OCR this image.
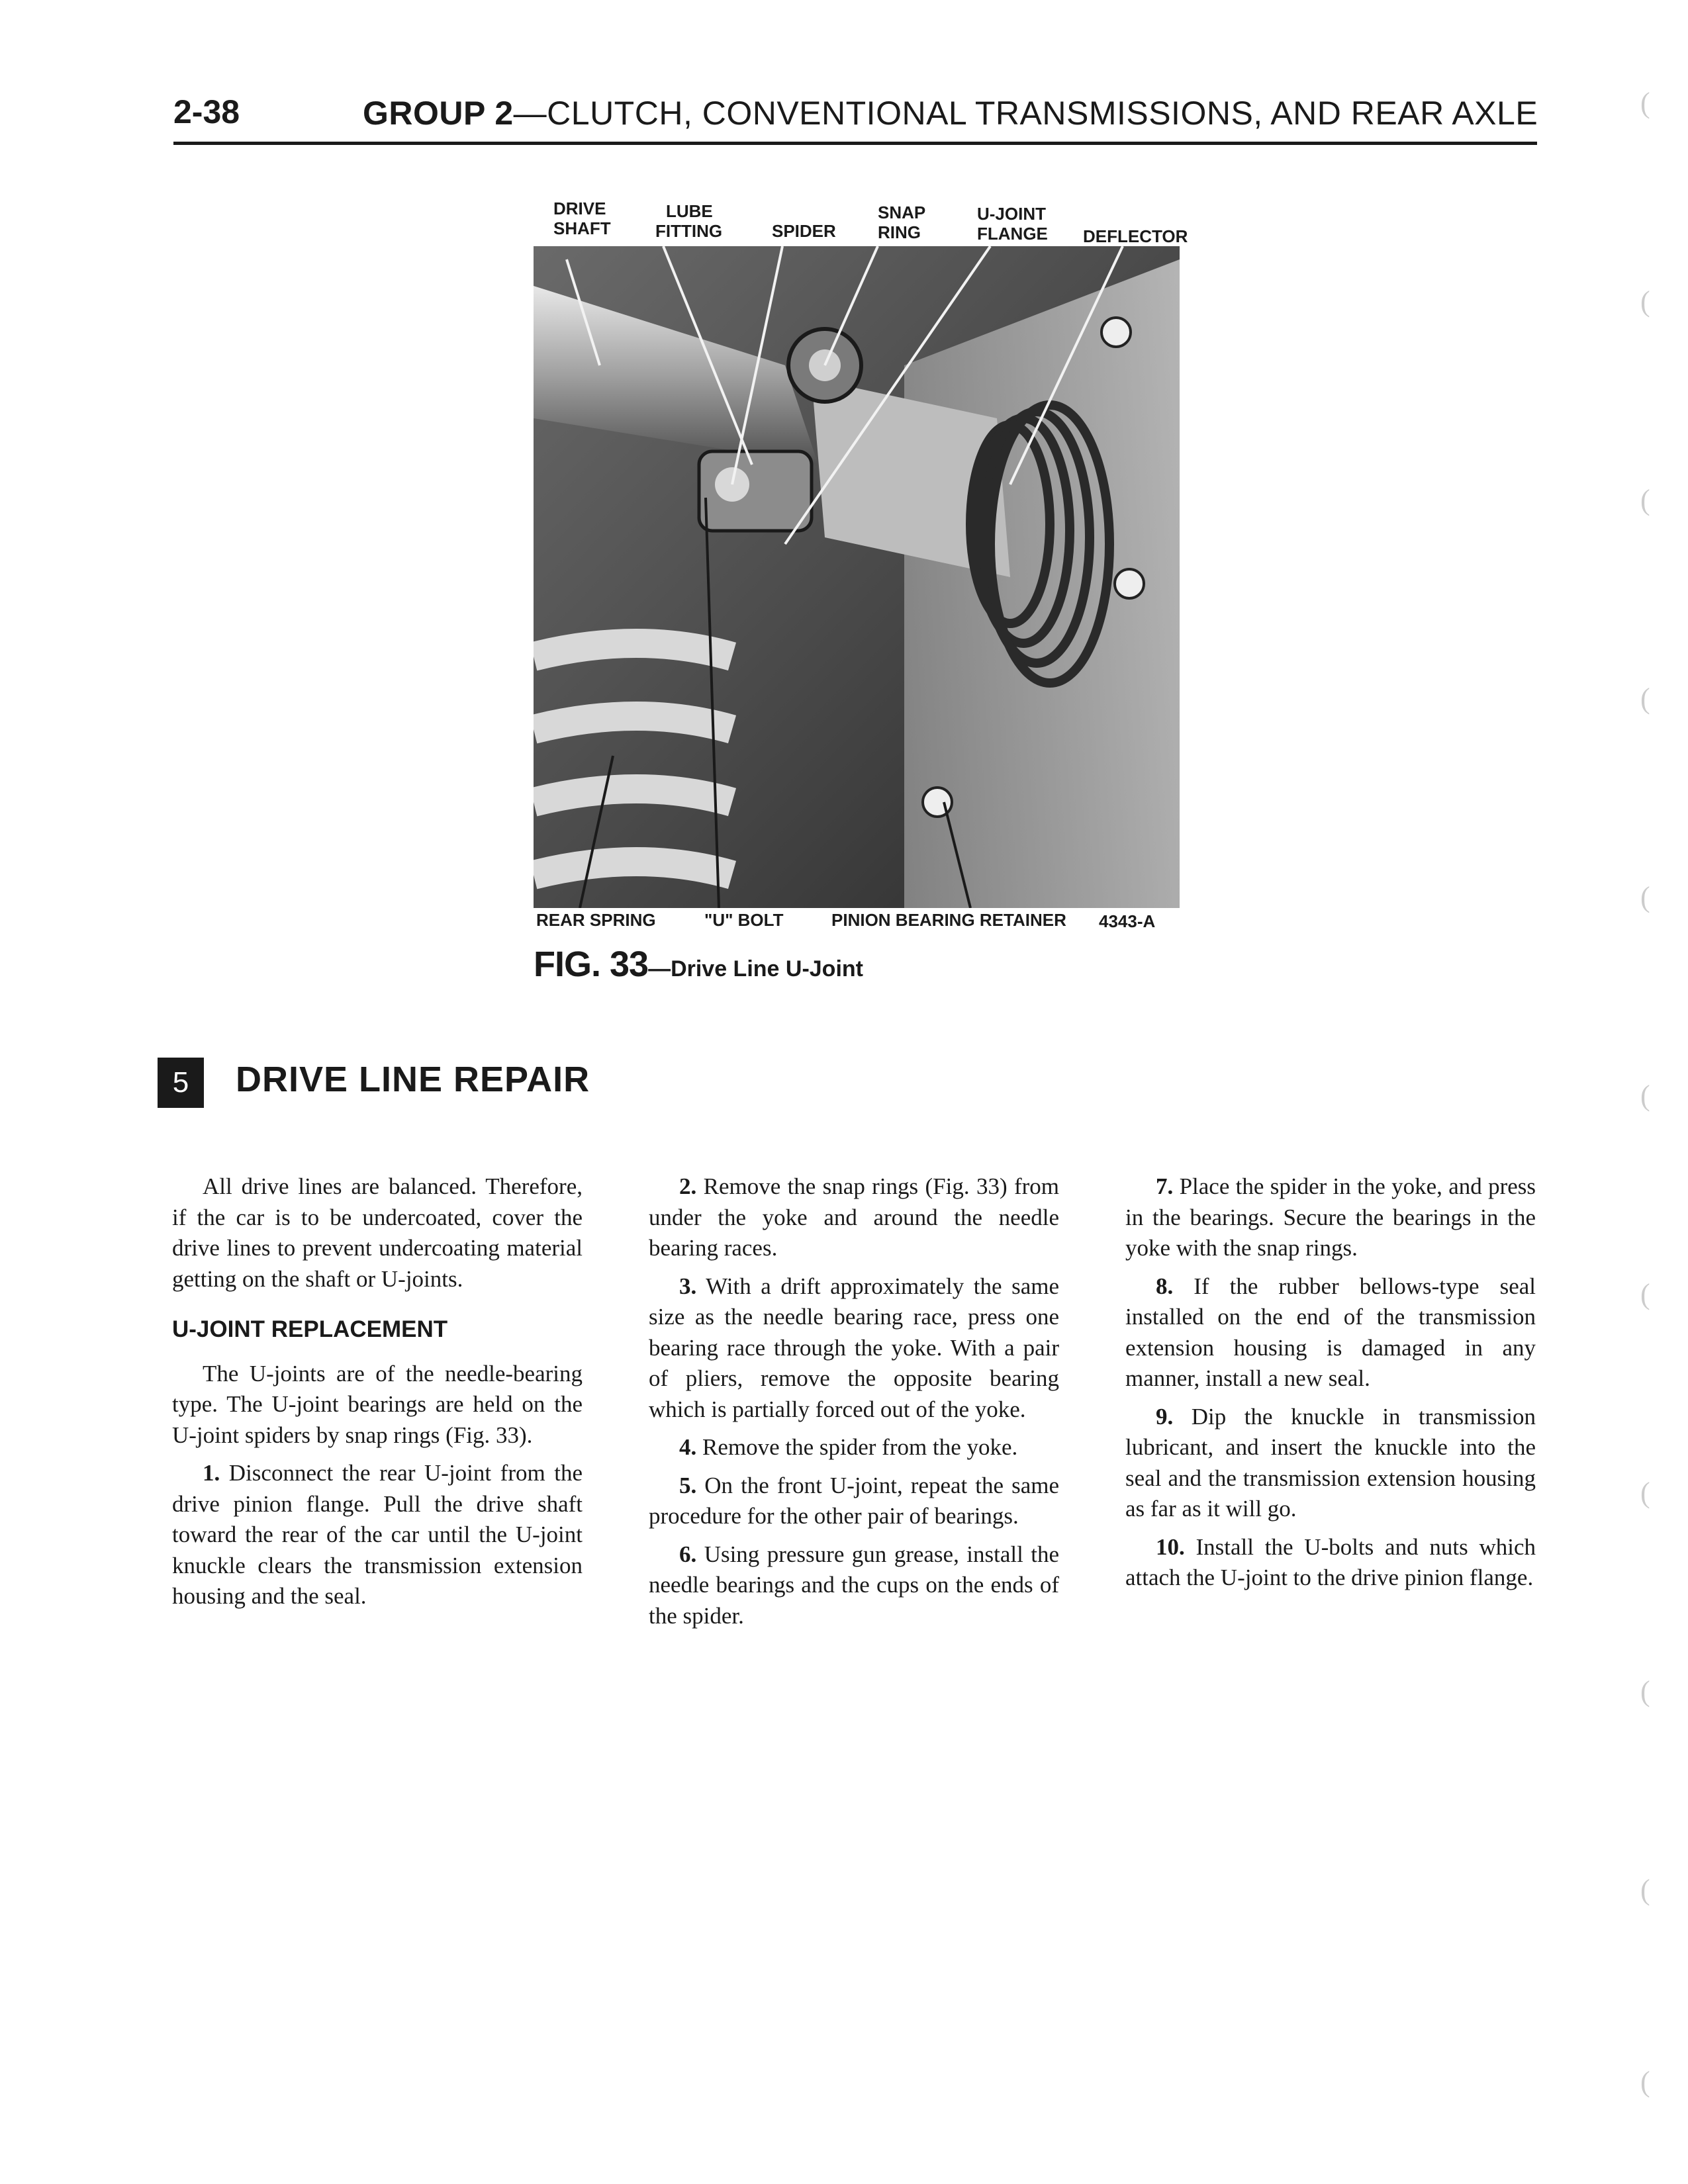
2-38	GROUP 2—CLUTCH, CONVENTIONAL TRANSMISSIONS, AND REAR AXLE
DRIVE
SHAFT
LUBE
FITTING	SPIDER
SNAP
RING
U-JOINT
FLANGE DEFLECTOR
REAR SPRING	"U" BOLT	PINION BEARING RETAINER 4343-A
FIG. 33—Drive Line U-Joint
5	DRIVE LINE REPAIR

All drive lines are balanced. Therefore, if the car is to be undercoated, cover the drive lines to prevent undercoating material getting on the shaft or U-joints.

U-JOINT REPLACEMENT

The U-joints are of the needle-bearing type. The U-joint bearings are held on the U-joint spiders by snap rings (Fig. 33).

1. Disconnect the rear U-joint from the drive pinion flange. Pull the drive shaft toward the rear of the car until the U-joint knuckle clears the transmission extension housing and the seal.

2. Remove the snap rings (Fig. 33) from under the yoke and around the needle bearing races.

3. With a drift approximately the same size as the needle bearing race, press one bearing race through the yoke. With a pair of pliers, remove the opposite bearing which is partially forced out of the yoke.

4. Remove the spider from the yoke.

5. On the front U-joint, repeat the same procedure for the other pair of bearings.

6. Using pressure gun grease, install the needle bearings and the cups on the ends of the spider.

7. Place the spider in the yoke, and press in the bearings. Secure the bearings in the yoke with the snap rings.

8. If the rubber bellows-type seal installed on the end of the transmission extension housing is damaged in any manner, install a new seal.

9. Dip the knuckle in transmission lubricant, and insert the knuckle into the seal and the transmission extension housing as far as it will go.

10. Install the U-bolts and nuts which attach the U-joint to the drive pinion flange.

(
(
(
(
(
(
(
(
(
(
(
